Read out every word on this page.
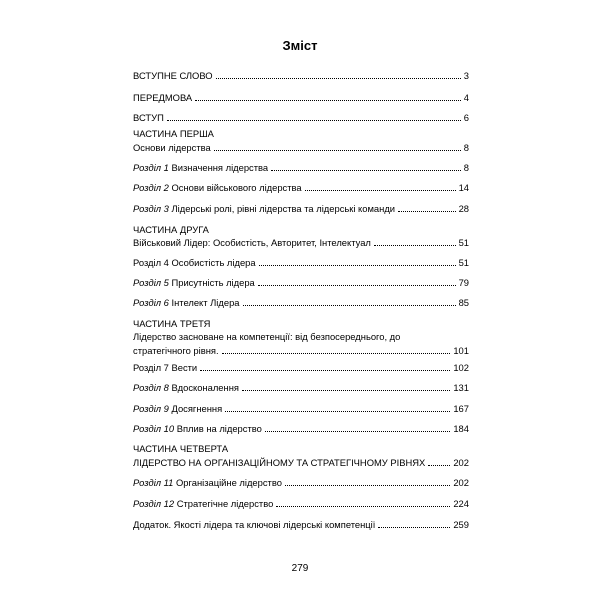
Зміст
ВСТУПНЕ СЛОВО	3
ПЕРЕДМОВА	4
ВСТУП	6
ЧАСТИНА ПЕРША
Основи лідерства	8
Розділ 1 Визначення лідерства	8
Розділ 2 Основи військового лідерства	14
Розділ 3 Лідерські ролі, рівні лідерства та лідерські команди	28
ЧАСТИНА ДРУГА
Військовий Лідер: Особистість, Авторитет, Інтелектуал	51
Розділ 4 Особистість лідера	51
Розділ 5 Присутність лідера	79
Розділ 6 Інтелект Лідера	85
ЧАСТИНА ТРЕТЯ
Лідерство засноване на компетенції: від безпосереднього, до
стратегічного рівня.	101
Розділ 7 Вести	102
Розділ 8 Вдосконалення	131
Розділ 9 Досягнення	167
Розділ 10 Вплив на лідерство	184
ЧАСТИНА ЧЕТВЕРТА
ЛІДЕРСТВО НА ОРГАНІЗАЦІЙНОМУ ТА СТРАТЕГІЧНОМУ РІВНЯХ	202
Розділ 11 Організаційне лідерство	202
Розділ 12 Стратегічне лідерство	224
Додаток. Якості лідера та ключові лідерські компетенції	259
279
